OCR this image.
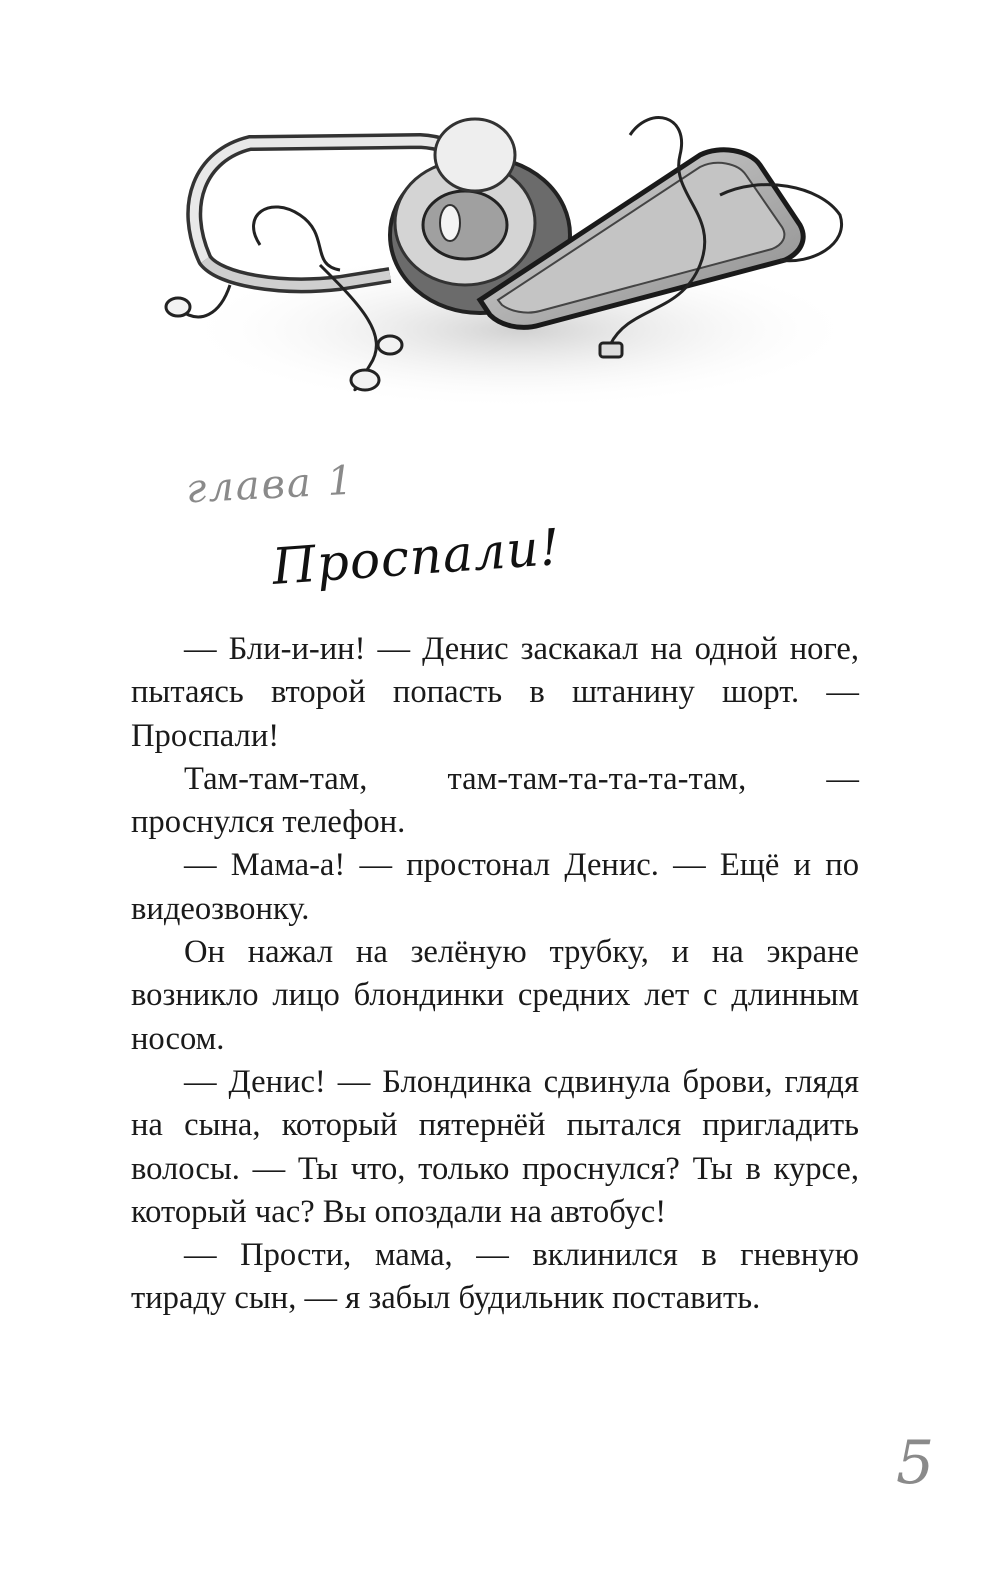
глава 1
Проспали!

— Бли-и-ин! — Денис заскакал на одной ноге, пытаясь второй попасть в штанину шорт. — Проспали!

Там-там-там, там-там-та-та-та-там, — проснулся телефон.

— Мама-а! — простонал Денис. — Ещё и по видеозвонку.

Он нажал на зелёную трубку, и на экране возникло лицо блондинки средних лет с длинным носом.

— Денис! — Блондинка сдвинула брови, глядя на сына, который пятернёй пытался пригладить волосы. — Ты что, только проснулся? Ты в курсе, который час? Вы опоздали на автобус!

— Прости, мама, — вклинился в гневную тираду сын, — я забыл будильник поставить.

5
